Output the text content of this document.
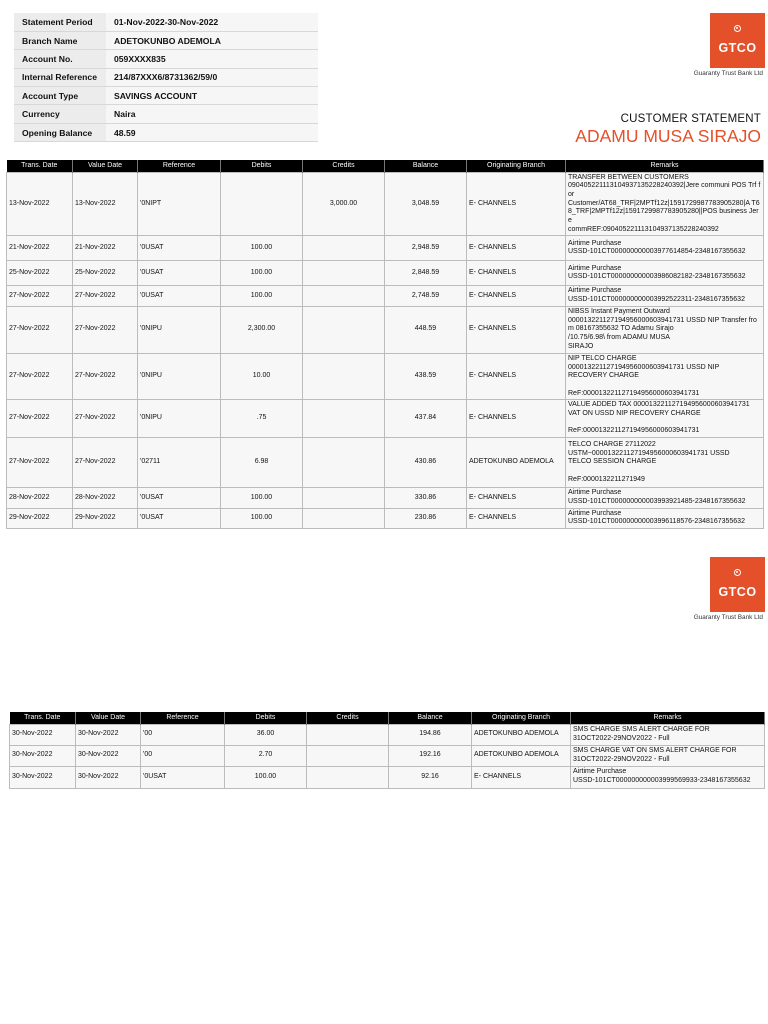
Statement Period	01-Nov-2022-30-Nov-2022
Branch Name	ADETOKUNBO ADEMOLA
Account No.	059XXXX835
Internal Reference	214/87XXX6/8731362/59/0
Account Type	SAVINGS ACCOUNT
Currency	Naira
Opening Balance	48.59
GTCO
Guaranty Trust Bank Ltd
CUSTOMER STATEMENT
ADAMU MUSA SIRAJO
Trans. Date	Value Date	Reference	Debits	Credits	Balance	Originating Branch	Remarks
13-Nov-2022	13-Nov-2022	'0NIPT		3,000.00	3,048.59	E- CHANNELS	TRANSFER BETWEEN CUSTOMERS
090405221113104937135228240392|Jere communi POS Trf for
Customer/AT68_TRF|2MPTf12z|1591729987783905280|A T68_TRF|2MPTf12z|1591729987783905280||POS business Jere
commREF:090405221113104937135228240392
21-Nov-2022	21-Nov-2022	'0USAT	100.00		2,948.59	E- CHANNELS	Airtime Purchase
USSD-101CT000000000003977614854-2348167355632
25-Nov-2022	25-Nov-2022	'0USAT	100.00		2,848.59	E- CHANNELS	Airtime Purchase
USSD-101CT000000000003986082182-2348167355632
27-Nov-2022	27-Nov-2022	'0USAT	100.00		2,748.59	E- CHANNELS	Airtime Purchase
USSD-101CT000000000003992522311-2348167355632
27-Nov-2022	27-Nov-2022	'0NIPU	2,300.00		448.59	E- CHANNELS	NIBSS Instant Payment Outward
000013221127194956000603941731 USSD NIP Transfer from 08167355632 TO Adamu Sirajo
/10.75/6.98\ from ADAMU MUSA
SIRAJO
27-Nov-2022	27-Nov-2022	'0NIPU	10.00		438.59	E- CHANNELS	NIP TELCO CHARGE
000013221127194956000603941731 USSD NIP
RECOVERY CHARGE

ReF:000013221127194956000603941731
27-Nov-2022	27-Nov-2022	'0NIPU	.75		437.84	E- CHANNELS	VALUE ADDED TAX 000013221127194956000603941731
VAT ON USSD NIP RECOVERY CHARGE

ReF:000013221127194956000603941731
27-Nov-2022	27-Nov-2022	'02711	6.98		430.86	ADETOKUNBO ADEMOLA	TELCO CHARGE 27112022
USTM~000013221127194956000603941731 USSD
TELCO SESSION CHARGE

ReF:0000132211271949
28-Nov-2022	28-Nov-2022	'0USAT	100.00		330.86	E- CHANNELS	Airtime Purchase
USSD-101CT000000000003993921485-2348167355632
29-Nov-2022	29-Nov-2022	'0USAT	100.00		230.86	E- CHANNELS	Airtime Purchase
USSD-101CT000000000003996118576-2348167355632
GTCO
Guaranty Trust Bank Ltd
Trans. Date	Value Date	Reference	Debits	Credits	Balance	Originating Branch	Remarks
30-Nov-2022	30-Nov-2022	'00	36.00		194.86	ADETOKUNBO ADEMOLA	SMS CHARGE SMS ALERT CHARGE FOR
31OCT2022-29NOV2022 - Full
30-Nov-2022	30-Nov-2022	'00	2.70		192.16	ADETOKUNBO ADEMOLA	SMS CHARGE VAT ON SMS ALERT CHARGE FOR
31OCT2022-29NOV2022 - Full
30-Nov-2022	30-Nov-2022	'0USAT	100.00		92.16	E- CHANNELS	Airtime Purchase
USSD-101CT000000000003999569933-2348167355632
